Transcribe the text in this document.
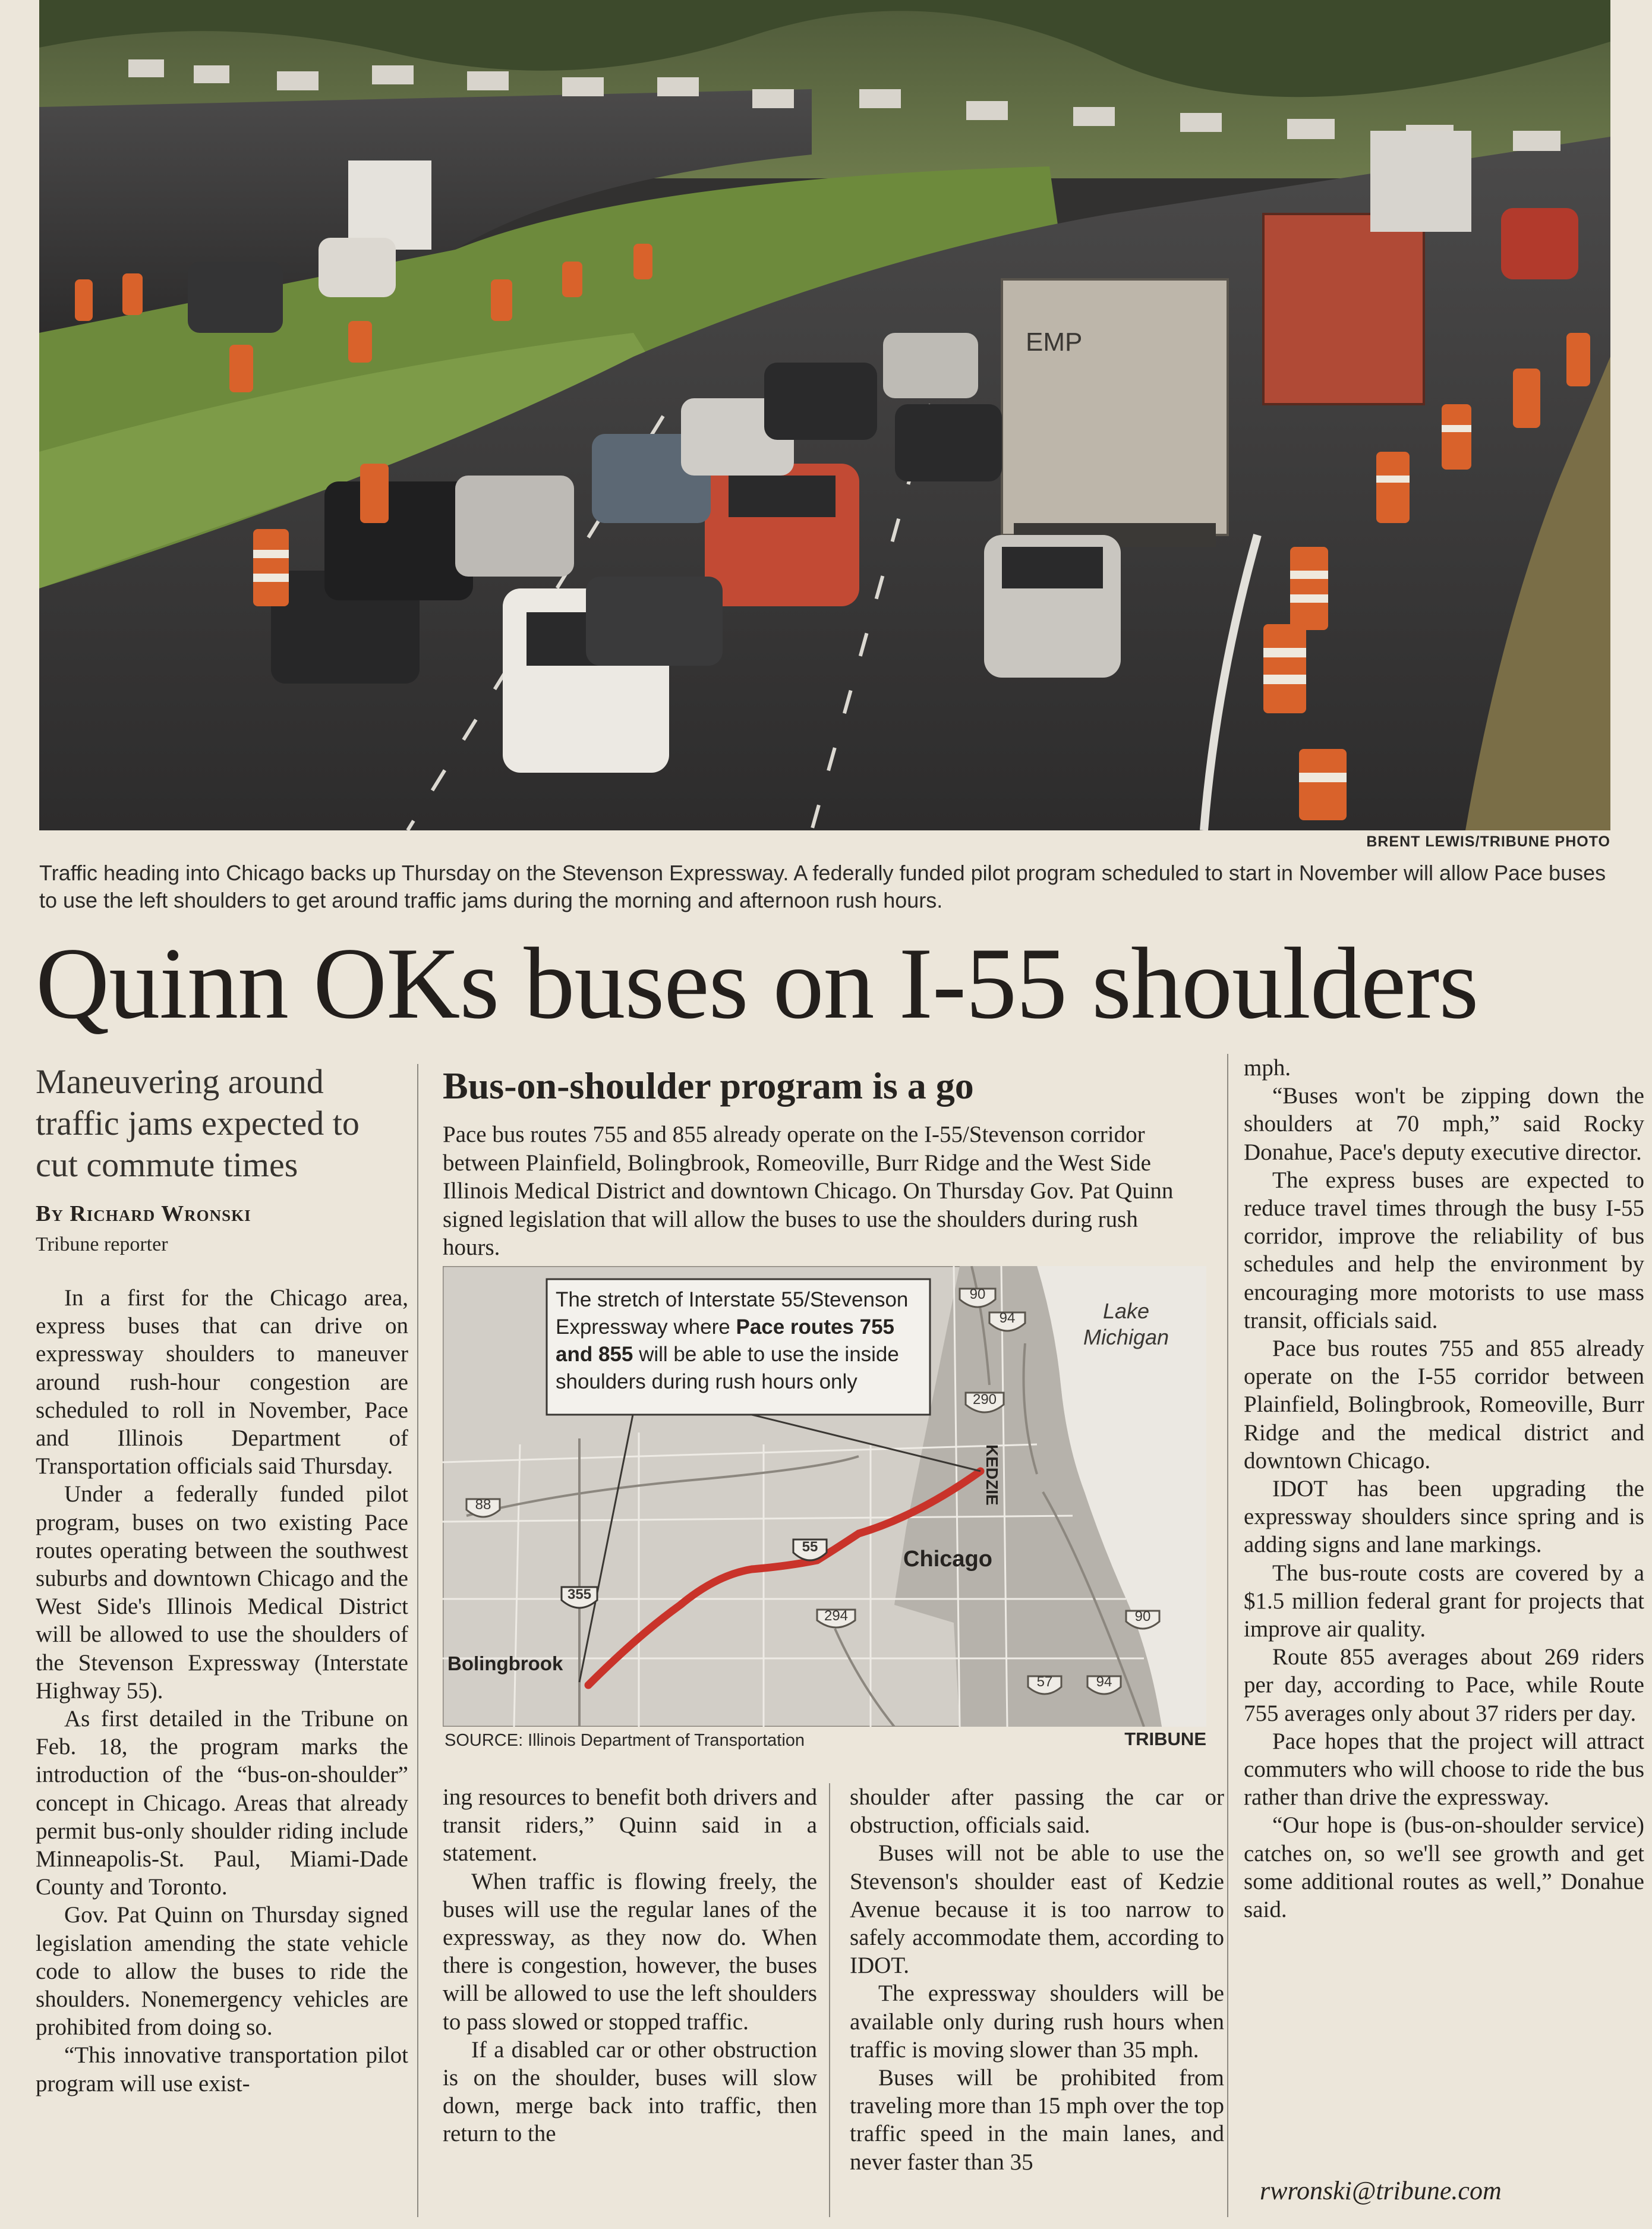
EMP
BRENT LEWIS/TRIBUNE PHOTO
Traffic heading into Chicago backs up Thursday on the Stevenson Expressway. A federally funded pilot program scheduled to start in November will allow Pace buses to use the left shoulders to get around traffic jams during the morning and afternoon rush hours.
Quinn OKs buses on I-55 shoulders
Maneuvering around traffic jams expected to cut commute times
By Richard Wronski
Tribune reporter

In a first for the Chicago area, express buses that can drive on expressway shoulders to maneuver around rush-hour congestion are scheduled to roll in November, Pace and Illinois Department of Transportation officials said Thursday.

Under a federally funded pilot program, buses on two existing Pace routes operating between the southwest suburbs and downtown Chicago and the West Side's Illinois Medical District will be allowed to use the shoulders of the Stevenson Expressway (Interstate Highway 55).

As first detailed in the Tribune on Feb. 18, the program marks the introduction of the “bus-on-shoulder” concept in Chicago. Areas that already permit bus-only shoulder riding include Minneapolis-St. Paul, Miami-Dade County and Toronto.

Gov. Pat Quinn on Thursday signed legislation amending the state vehicle code to allow the buses to ride the shoulders. Nonemergency vehicles are prohibited from doing so.

“This innovative transportation pilot program will use exist-

Bus-on-shoulder program is a go
Pace bus routes 755 and 855 already operate on the I-55/Stevenson corridor between Plainfield, Bolingbrook, Romeoville, Burr Ridge and the West Side Illinois Medical District and downtown Chicago. On Thursday Gov. Pat Quinn signed legislation that will allow the buses to use the shoulders during rush hours.
The stretch of Interstate 55/Stevenson Expressway where Pace routes 755 and 855 will be able to use the inside shoulders during rush hours only
Lake
Michigan
Chicago
Bolingbrook
KEDZIE
90
94
290
88
55
355
294	90
57	94
SOURCE: Illinois Department of Transportation	TRIBUNE

ing resources to benefit both drivers and transit riders,” Quinn said in a statement.

When traffic is flowing freely, the buses will use the regular lanes of the expressway, as they now do. When there is congestion, however, the buses will be allowed to use the left shoulders to pass slowed or stopped traffic.

If a disabled car or other obstruction is on the shoulder, buses will slow down, merge back into traffic, then return to the

shoulder after passing the car or obstruction, officials said.

Buses will not be able to use the Stevenson's shoulder east of Kedzie Avenue because it is too narrow to safely accommodate them, according to IDOT.

The expressway shoulders will be available only during rush hours when traffic is moving slower than 35 mph.

Buses will be prohibited from traveling more than 15 mph over the top traffic speed in the main lanes, and never faster than 35

mph.

“Buses won't be zipping down the shoulders at 70 mph,” said Rocky Donahue, Pace's deputy executive director.

The express buses are expected to reduce travel times through the busy I-55 corridor, improve the reliability of bus schedules and help the environment by encouraging more motorists to use mass transit, officials said.

Pace bus routes 755 and 855 already operate on the I-55 corridor between Plainfield, Bolingbrook, Romeoville, Burr Ridge and the medical district and downtown Chicago.

IDOT has been upgrading the expressway shoulders since spring and is adding signs and lane markings.

The bus-route costs are covered by a $1.5 million federal grant for projects that improve air quality.

Route 855 averages about 269 riders per day, according to Pace, while Route 755 averages only about 37 riders per day.

Pace hopes that the project will attract commuters who will choose to ride the bus rather than drive the expressway.

“Our hope is (bus-on-shoulder service) catches on, so we'll see growth and get some additional routes as well,” Donahue said.

rwronski@tribune.com
